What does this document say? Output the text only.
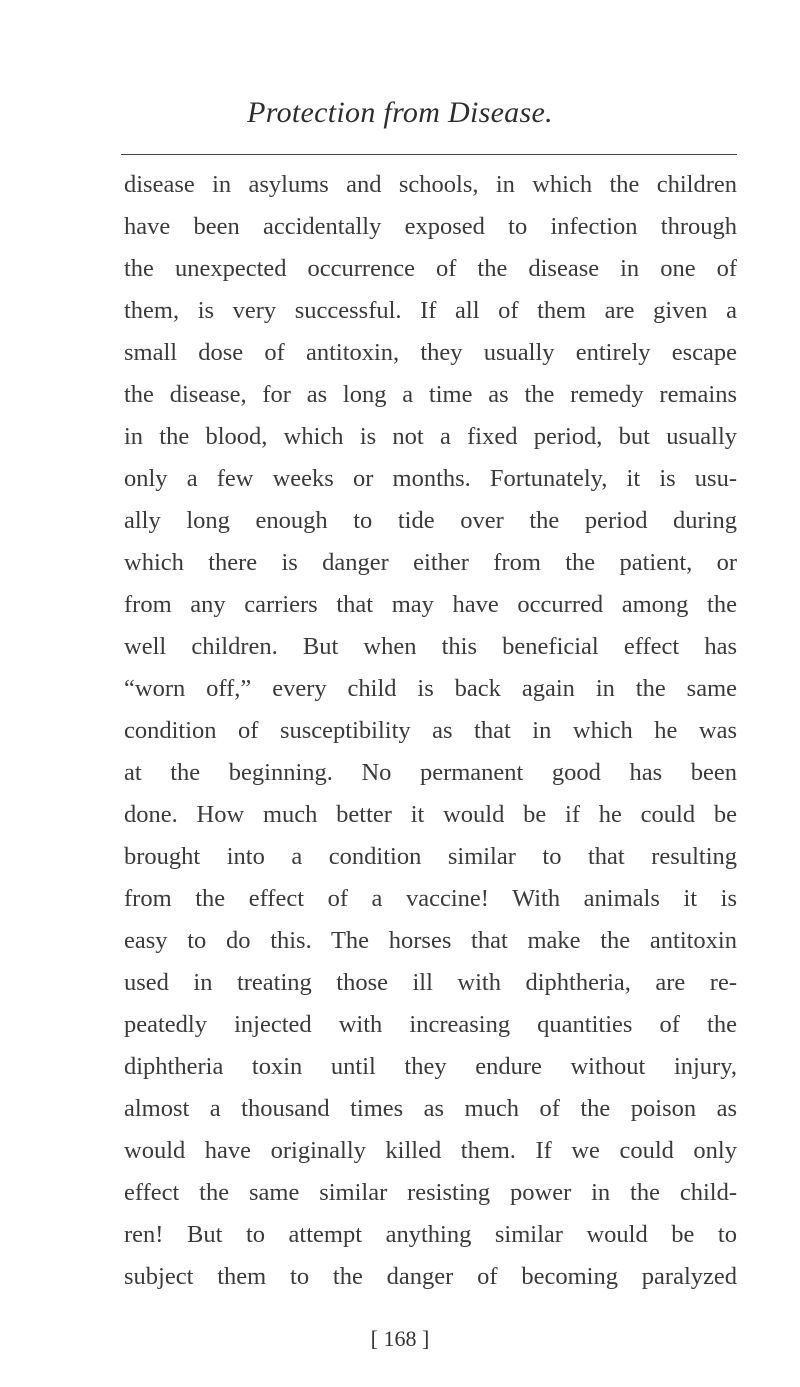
Protection from Disease.
disease in asylums and schools, in which the children
have been accidentally exposed to infection through
the unexpected occurrence of the disease in one of
them, is very successful. If all of them are given a
small dose of antitoxin, they usually entirely escape
the disease, for as long a time as the remedy remains
in the blood, which is not a fixed period, but usually
only a few weeks or months. Fortunately, it is usu-
ally long enough to tide over the period during
which there is danger either from the patient, or
from any carriers that may have occurred among the
well children. But when this beneficial effect has
“worn off,” every child is back again in the same
condition of susceptibility as that in which he was
at the beginning. No permanent good has been
done. How much better it would be if he could be
brought into a condition similar to that resulting
from the effect of a vaccine! With animals it is
easy to do this. The horses that make the antitoxin
used in treating those ill with diphtheria, are re-
peatedly injected with increasing quantities of the
diphtheria toxin until they endure without injury,
almost a thousand times as much of the poison as
would have originally killed them. If we could only
effect the same similar resisting power in the child-
ren! But to attempt anything similar would be to
subject them to the danger of becoming paralyzed
[ 168 ]
